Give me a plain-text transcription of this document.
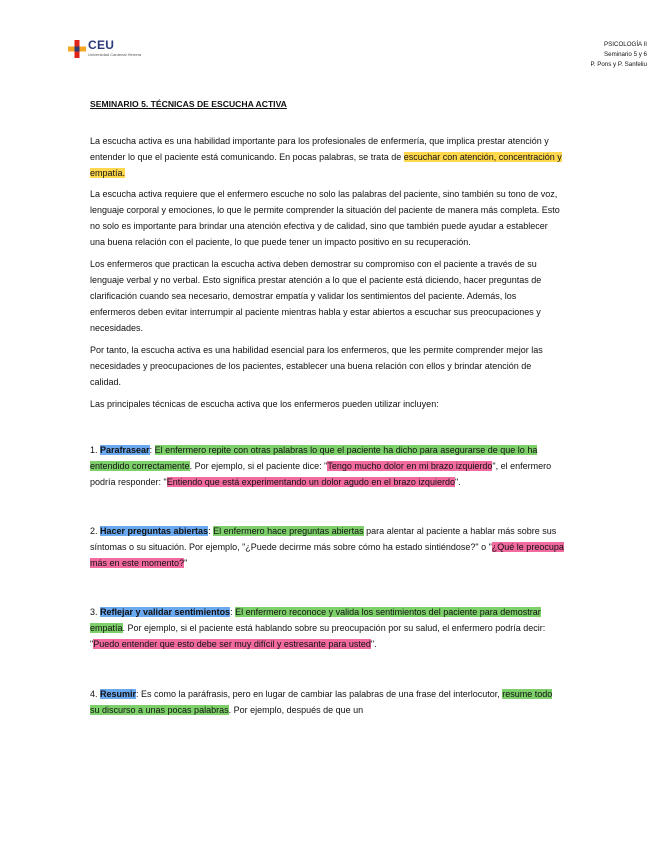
CEU
Universidad Cardenal Herrera
PSICOLOGÍA II
Seminario 5 y 6
P. Pons y P. Sanfeliu
SEMINARIO 5. TÉCNICAS DE ESCUCHA ACTIVA
La escucha activa es una habilidad importante para los profesionales de enfermería, que implica prestar atención y entender lo que el paciente está comunicando. En pocas palabras, se trata de escuchar con atención, concentración y empatía.
La escucha activa requiere que el enfermero escuche no solo las palabras del paciente, sino también su tono de voz, lenguaje corporal y emociones, lo que le permite comprender la situación del paciente de manera más completa. Esto no solo es importante para brindar una atención efectiva y de calidad, sino que también puede ayudar a establecer una buena relación con el paciente, lo que puede tener un impacto positivo en su recuperación.
Los enfermeros que practican la escucha activa deben demostrar su compromiso con el paciente a través de su lenguaje verbal y no verbal. Esto significa prestar atención a lo que el paciente está diciendo, hacer preguntas de clarificación cuando sea necesario, demostrar empatía y validar los sentimientos del paciente. Además, los enfermeros deben evitar interrumpir al paciente mientras habla y estar abiertos a escuchar sus preocupaciones y necesidades.
Por tanto, la escucha activa es una habilidad esencial para los enfermeros, que les permite comprender mejor las necesidades y preocupaciones de los pacientes, establecer una buena relación con ellos y brindar atención de calidad.
Las principales técnicas de escucha activa que los enfermeros pueden utilizar incluyen:
1. Parafrasear: El enfermero repite con otras palabras lo que el paciente ha dicho para asegurarse de que lo ha entendido correctamente. Por ejemplo, si el paciente dice: "Tengo mucho dolor en mi brazo izquierdo", el enfermero podría responder: "Entiendo que está experimentando un dolor agudo en el brazo izquierdo".
2. Hacer preguntas abiertas: El enfermero hace preguntas abiertas para alentar al paciente a hablar más sobre sus síntomas o su situación. Por ejemplo, "¿Puede decirme más sobre cómo ha estado sintiéndose?" o "¿Qué le preocupa más en este momento?"
3. Reflejar y validar sentimientos: El enfermero reconoce y valida los sentimientos del paciente para demostrar empatía. Por ejemplo, si el paciente está hablando sobre su preocupación por su salud, el enfermero podría decir: "Puedo entender que esto debe ser muy difícil y estresante para usted".
4. Resumir: Es como la paráfrasis, pero en lugar de cambiar las palabras de una frase del interlocutor, resume todo su discurso a unas pocas palabras. Por ejemplo, después de que un
